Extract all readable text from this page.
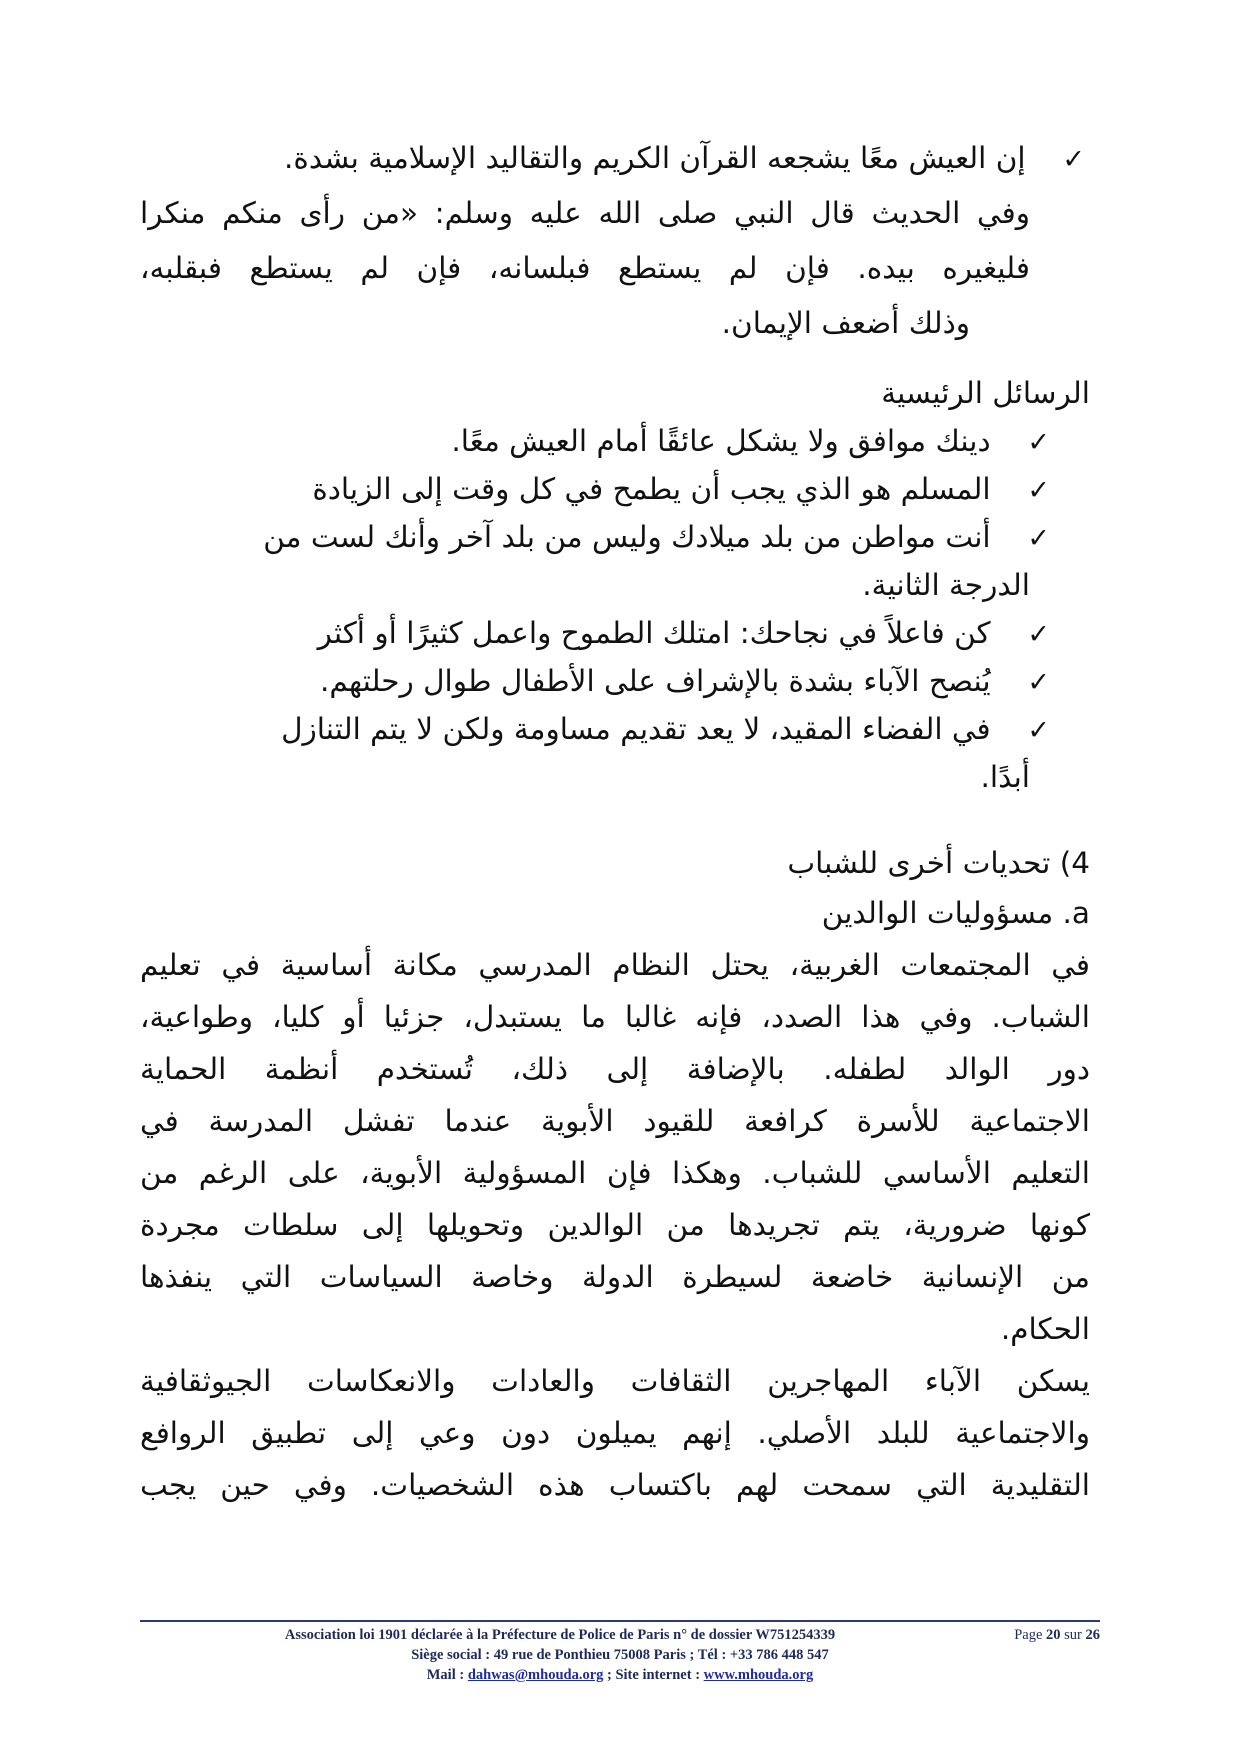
✓ إن العيش معًا يشجعه القرآن الكريم والتقاليد الإسلامية بشدة.
وفي الحديث قال النبي صلى الله عليه وسلم: «من رأى منكم منكرا
فليغيره بيده. فإن لم يستطع فبلسانه، فإن لم يستطع فبقلبه،
وذلك أضعف الإيمان.
الرسائل الرئيسية
✓ دينك موافق ولا يشكل عائقًا أمام العيش معًا.
✓ المسلم هو الذي يجب أن يطمح في كل وقت إلى الزيادة
✓ أنت مواطن من بلد ميلادك وليس من بلد آخر وأنك لست من
الدرجة الثانية.
✓ كن فاعلاً في نجاحك: امتلك الطموح واعمل كثيرًا أو أكثر
✓ يُنصح الآباء بشدة بالإشراف على الأطفال طوال رحلتهم.
✓ في الفضاء المقيد، لا يعد تقديم مساومة ولكن لا يتم التنازل
أبدًا.
4) تحديات أخرى للشباب
a. مسؤوليات الوالدين
في المجتمعات الغربية، يحتل النظام المدرسي مكانة أساسية في تعليم
الشباب. وفي هذا الصدد، فإنه غالبا ما يستبدل، جزئيا أو كليا، وطواعية،
دور الوالد لطفله. بالإضافة إلى ذلك، تُستخدم أنظمة الحماية
الاجتماعية للأسرة كرافعة للقيود الأبوية عندما تفشل المدرسة في
التعليم الأساسي للشباب. وهكذا فإن المسؤولية الأبوية، على الرغم من
كونها ضرورية، يتم تجريدها من الوالدين وتحويلها إلى سلطات مجردة
من الإنسانية خاضعة لسيطرة الدولة وخاصة السياسات التي ينفذها
الحكام.
يسكن الآباء المهاجرين الثقافات والعادات والانعكاسات الجيوثقافية
والاجتماعية للبلد الأصلي. إنهم يميلون دون وعي إلى تطبيق الروافع
التقليدية التي سمحت لهم باكتساب هذه الشخصيات. وفي حين يجب
Association loi 1901 déclarée à la Préfecture de Police de Paris n° de dossier W751254339	Page 20 sur 26
Siège social : 49 rue de Ponthieu 75008 Paris ; Tél : +33 786 448 547
Mail : dahwas@mhouda.org ; Site internet : www.mhouda.org
